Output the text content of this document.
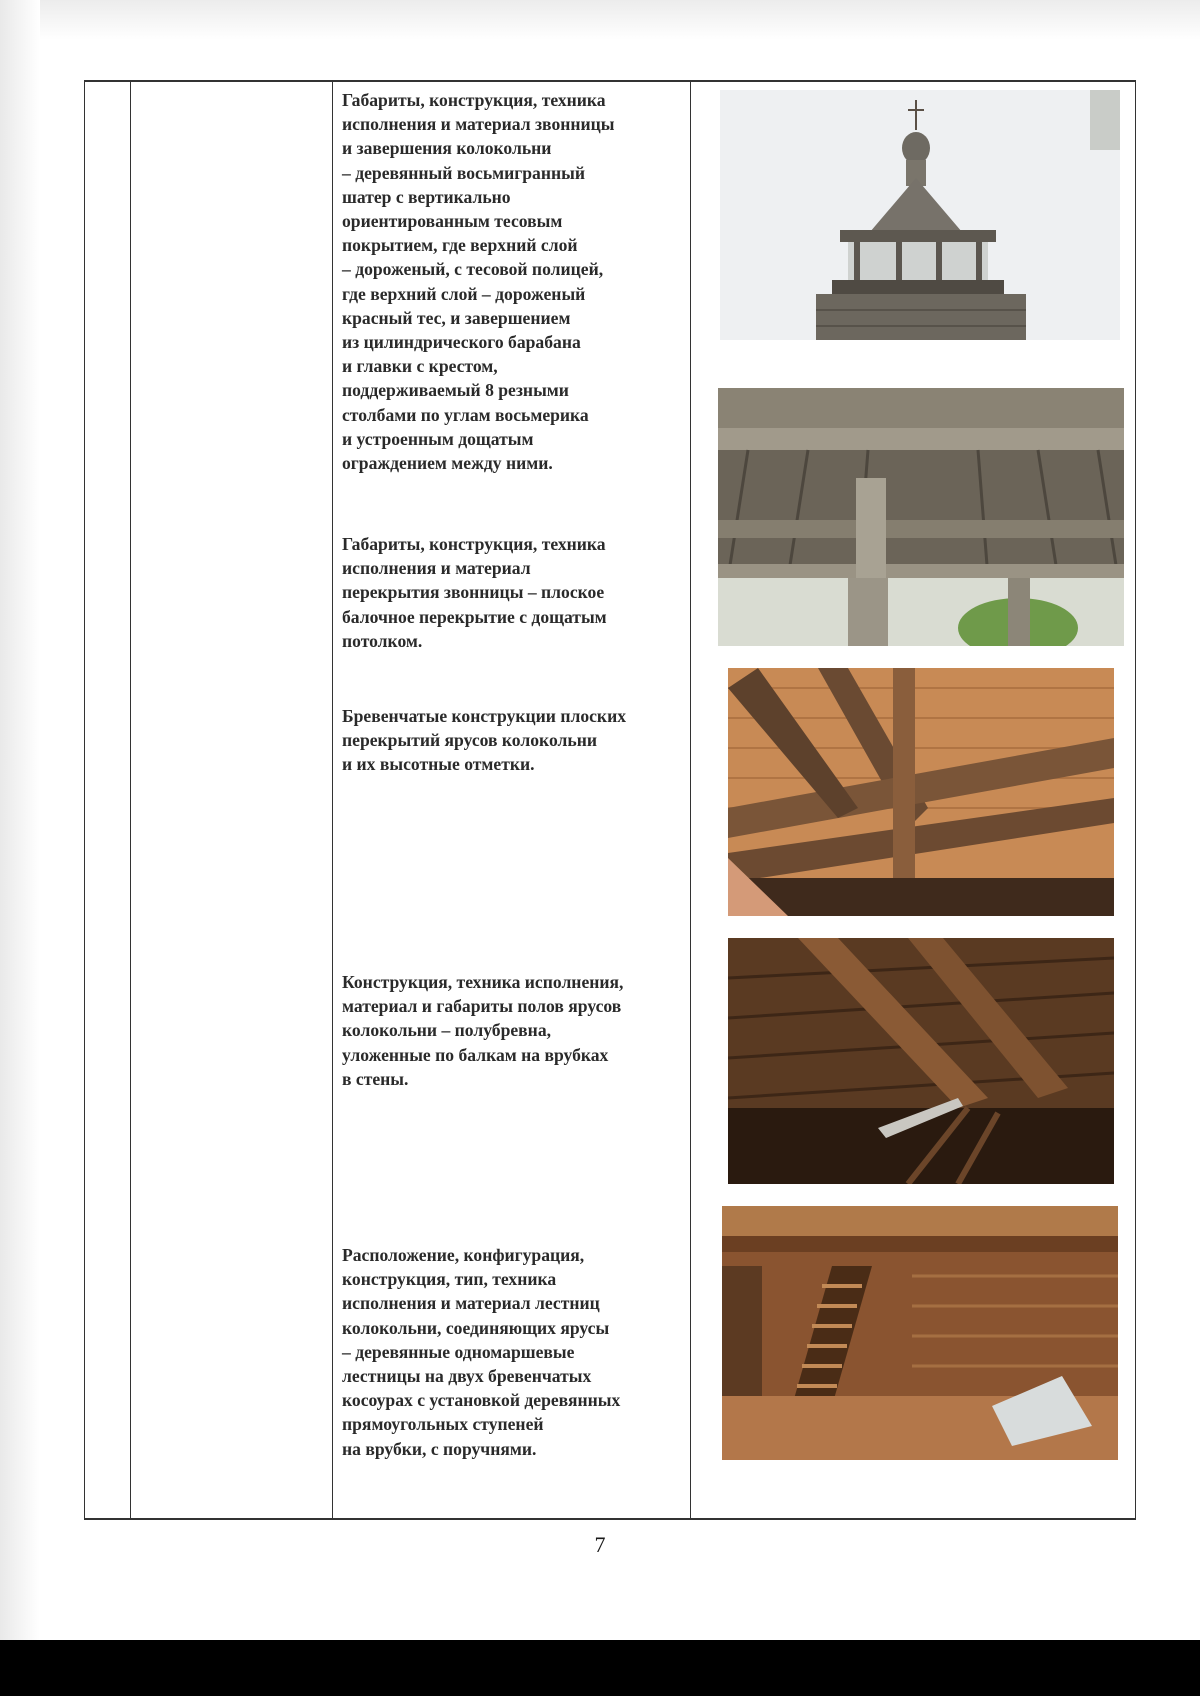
Габариты, конструкция, техника
исполнения и материал звонницы
и завершения колокольни
– деревянный восьмигранный
шатер с вертикально
ориентированным тесовым
покрытием, где верхний слой
– дороженый, с тесовой полицей,
где верхний слой – дороженый
красный тес, и завершением
из цилиндрического барабана
и главки с крестом,
поддерживаемый 8 резными
столбами по углам восьмерика
и устроенным дощатым
ограждением между ними.

Габариты, конструкция, техника
исполнения и материал
перекрытия звонницы – плоское
балочное перекрытие с дощатым
потолком.

Бревенчатые конструкции плоских
перекрытий ярусов колокольни
и их высотные отметки.

Конструкция, техника исполнения,
материал и габариты полов ярусов
колокольни – полубревна,
уложенные по балкам на врубках
в стены.

Расположение, конфигурация,
конструкция, тип, техника
исполнения и материал лестниц
колокольни, соединяющих ярусы
– деревянные одномаршевые
лестницы на двух бревенчатых
косоурах с установкой деревянных
прямоугольных ступеней
на врубки, с поручнями.

7
